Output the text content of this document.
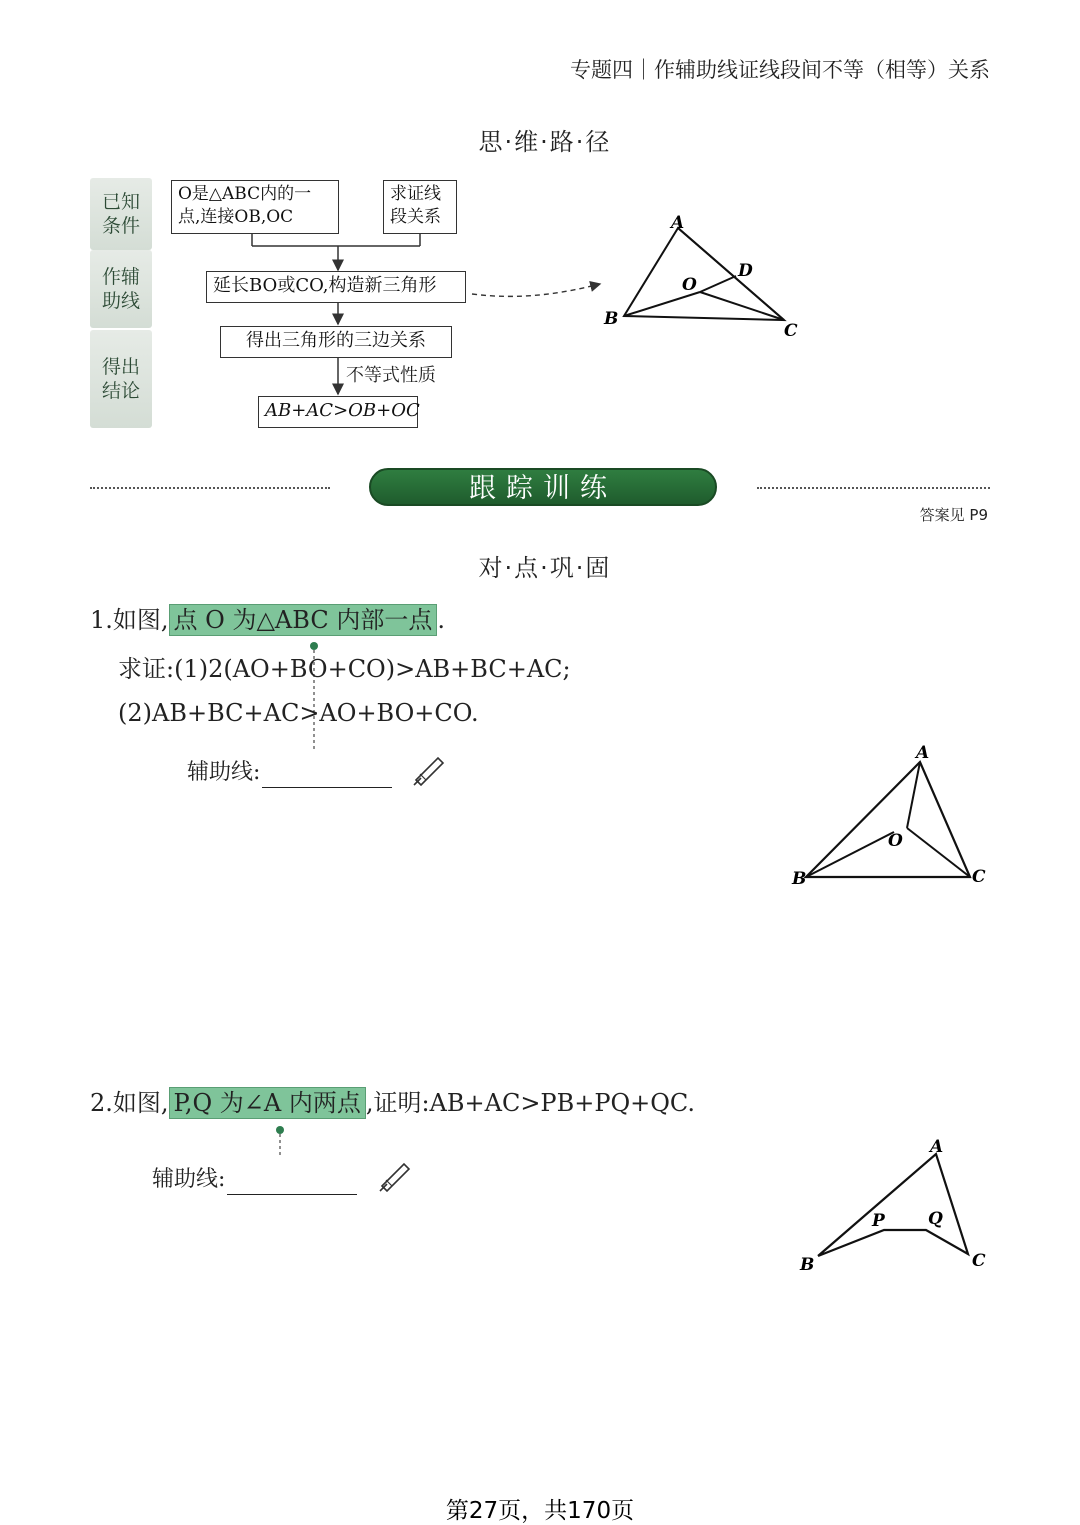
专题四｜作辅助线证线段间不等（相等）关系
思·维·路·径
已知条件
作辅助线
得出结论
O是△ABC内的一点,连接OB,OC
求证线段关系
延长BO或CO,构造新三角形
得出三角形的三边关系
不等式性质
AB+AC>OB+OC
A
B
C
O
D
跟踪训练
答案见 P9
对·点·巩·固
1.如图, 点 O 为△ABC 内部一点 .
求证:(1)2(AO+BO+CO)>AB+BC+AC;
(2)AB+BC+AC>AO+BO+CO.
辅助线:
A
B	C
O
2.如图, P,Q 为∠A 内两点 ,证明:AB+AC>PB+PQ+QC.
辅助线:
A
B	C
P	Q
第27页，共170页
